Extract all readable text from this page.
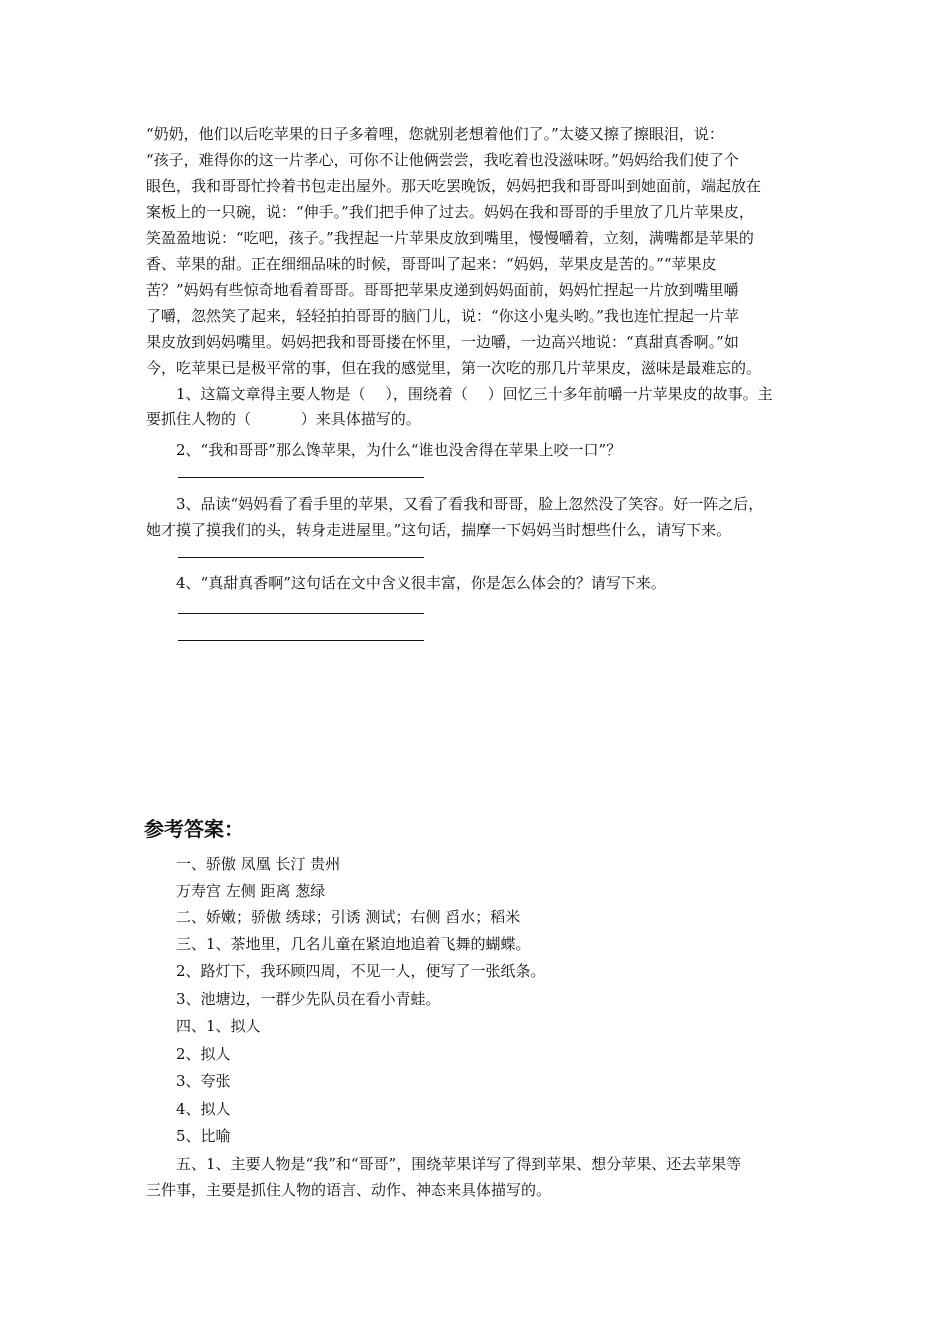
“奶奶，他们以后吃苹果的日子多着哩，您就别老想着他们了。”太婆又擦了擦眼泪，说：
“孩子，难得你的这一片孝心，可你不让他俩尝尝，我吃着也没滋味呀。”妈妈给我们使了个
眼色，我和哥哥忙拎着书包走出屋外。那天吃罢晚饭，妈妈把我和哥哥叫到她面前，端起放在
案板上的一只碗，说：“伸手。”我们把手伸了过去。妈妈在我和哥哥的手里放了几片苹果皮，
笑盈盈地说：“吃吧，孩子。”我捏起一片苹果皮放到嘴里，慢慢嚼着，立刻，满嘴都是苹果的
香、苹果的甜。正在细细品味的时候，哥哥叫了起来：“妈妈，苹果皮是苦的。”“苹果皮
苦？”妈妈有些惊奇地看着哥哥。哥哥把苹果皮递到妈妈面前，妈妈忙捏起一片放到嘴里嚼
了嚼，忽然笑了起来，轻轻拍拍哥哥的脑门儿，说：“你这小鬼头哟。”我也连忙捏起一片苹
果皮放到妈妈嘴里。妈妈把我和哥哥搂在怀里，一边嚼，一边高兴地说：“真甜真香啊。”如
今，吃苹果已是极平常的事，但在我的感觉里，第一次吃的那几片苹果皮，滋味是最难忘的。
1、这篇文章得主要人物是（　 ），围绕着（　 ）回忆三十多年前嚼一片苹果皮的故事。主
要抓住人物的（　　　 ）来具体描写的。
2、“我和哥哥”那么馋苹果，为什么“谁也没舍得在苹果上咬一口”？
3、品读“妈妈看了看手里的苹果，又看了看我和哥哥，脸上忽然没了笑容。好一阵之后，
她才摸了摸我们的头，转身走进屋里。”这句话，揣摩一下妈妈当时想些什么，请写下来。
4、“真甜真香啊”这句话在文中含义很丰富，你是怎么体会的？请写下来。
参考答案：
一、骄傲 凤凰 长汀 贵州
万寿宫 左侧 距离 葱绿
二、娇嫩；骄傲 绣球；引诱 测试；右侧 舀水；稻米
三、1、茶地里，几名儿童在紧迫地追着飞舞的蝴蝶。
2、路灯下，我环顾四周，不见一人，便写了一张纸条。
3、池塘边，一群少先队员在看小青蛙。
四、1、拟人
2、拟人
3、夸张
4、拟人
5、比喻
五、1、主要人物是“我”和“哥哥”，围绕苹果详写了得到苹果、想分苹果、还去苹果等
三件事，主要是抓住人物的语言、动作、神态来具体描写的。
